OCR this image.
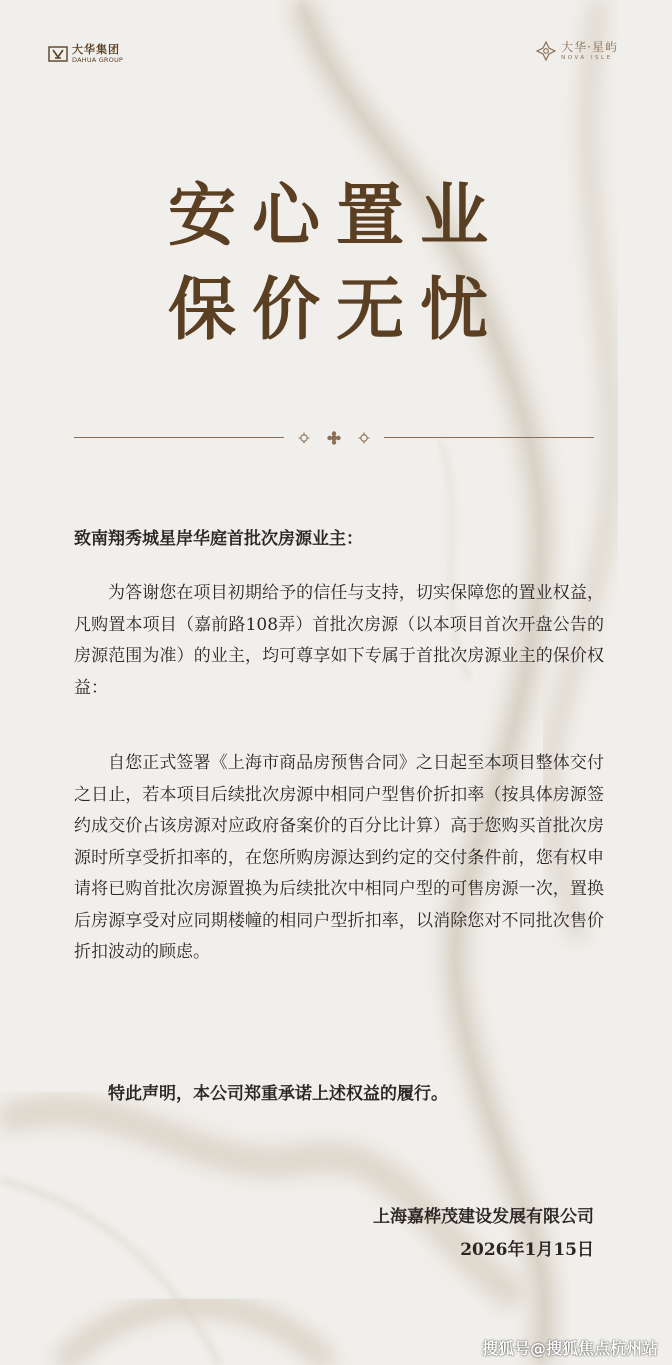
大华集团
DAHUA GROUP
大华·星屿
NOVA ISLE
安心置业
保价无忧
致南翔秀城星岸华庭首批次房源业主：

为答谢您在项目初期给予的信任与支持，切实保障您的置业权益，凡购置本项目（嘉前路108弄）首批次房源（以本项目首次开盘公告的房源范围为准）的业主，均可尊享如下专属于首批次房源业主的保价权益：

自您正式签署《上海市商品房预售合同》之日起至本项目整体交付之日止，若本项目后续批次房源中相同户型售价折扣率（按具体房源签约成交价占该房源对应政府备案价的百分比计算）高于您购买首批次房源时所享受折扣率的，在您所购房源达到约定的交付条件前，您有权申请将已购首批次房源置换为后续批次中相同户型的可售房源一次，置换后房源享受对应同期楼幢的相同户型折扣率，以消除您对不同批次售价折扣波动的顾虑。

特此声明，本公司郑重承诺上述权益的履行。
上海嘉桦茂建设发展有限公司
2026年1月15日
搜狐号@搜狐焦点杭州站
